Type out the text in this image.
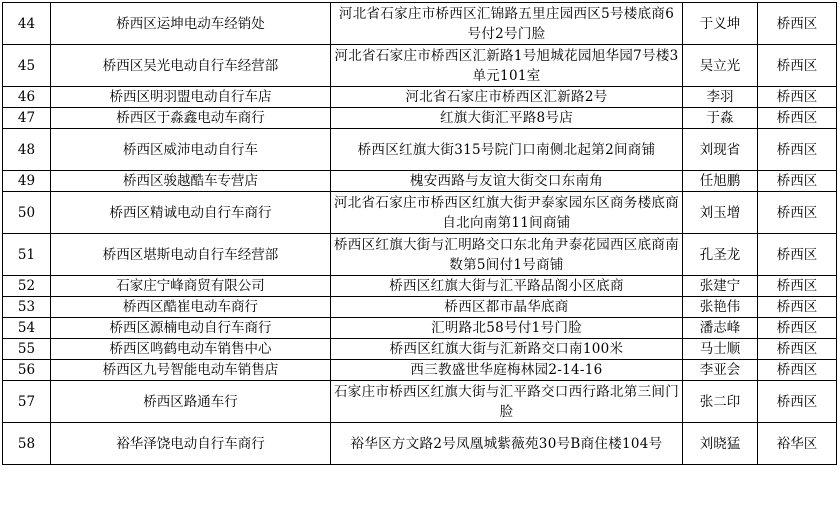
44	桥西区运坤电动车经销处	河北省石家庄市桥西区汇锦路五里庄园西区5号楼底商6号付2号门脸	于义坤	桥西区
45	桥西区吴光电动自行车经营部	河北省石家庄市桥西区汇新路1号旭城花园旭华园7号楼3单元101室	吴立光	桥西区
46	桥西区明羽盟电动自行车店	河北省石家庄市桥西区汇新路2号	李羽	桥西区
47	桥西区于淼鑫电动车商行	红旗大街汇平路8号店	于淼	桥西区
48	桥西区威沛电动自行车	桥西区红旗大街315号院门口南侧北起第2间商铺	刘现省	桥西区
49	桥西区骏越酷车专营店	槐安西路与友谊大街交口东南角	任旭鹏	桥西区
50	桥西区精诚电动自行车商行	河北省石家庄市桥西区红旗大街尹泰家园东区商务楼底商自北向南第11间商铺	刘玉增	桥西区
51	桥西区堪斯电动自行车经营部	桥西区红旗大街与汇明路交口东北角尹泰花园西区底商南数第5间付1号商铺	孔圣龙	桥西区
52	石家庄宁峰商贸有限公司	桥西区红旗大街与汇平路品阁小区底商	张建宁	桥西区
53	桥西区酷崔电动车商行	桥西区都市晶华底商	张艳伟	桥西区
54	桥西区源楠电动自行车商行	汇明路北58号付1号门脸	潘志峰	桥西区
55	桥西区鸣鹤电动车销售中心	桥西区红旗大街与汇新路交口南100米	马士顺	桥西区
56	桥西区九号智能电动车销售店	西三教盛世华庭梅林园2-14-16	李亚会	桥西区
57	桥西区路通车行	石家庄市桥西区红旗大街与汇平路交口西行路北第三间门脸	张二印	桥西区
58	裕华泽饶电动自行车商行	裕华区方文路2号凤凰城紫薇苑30号B商住楼104号	刘晓猛	裕华区
